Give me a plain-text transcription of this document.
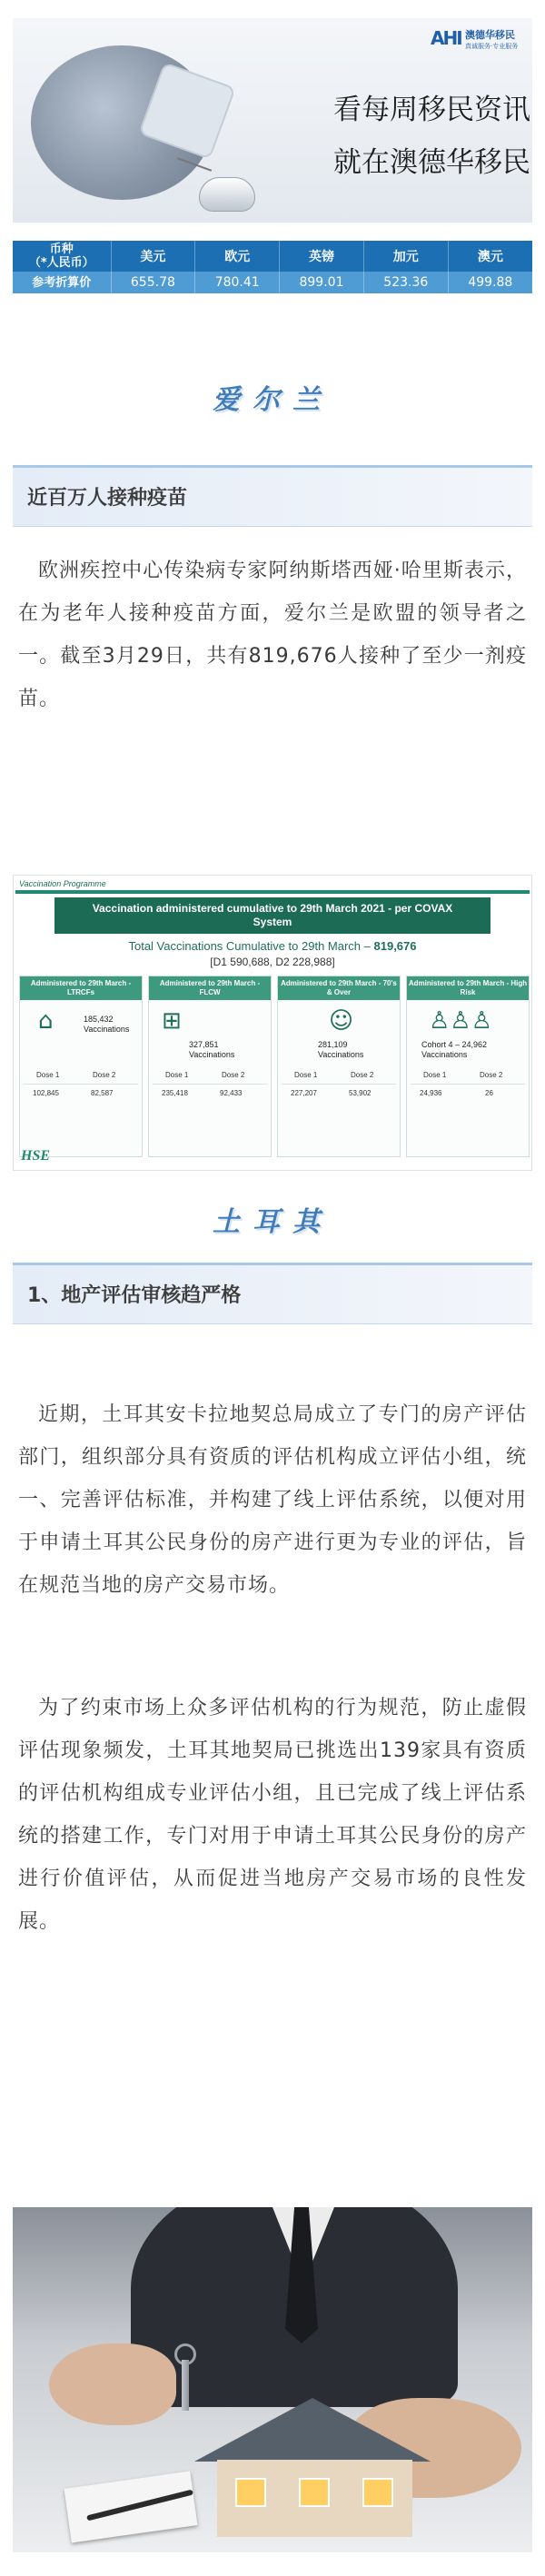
AHI 澳德华移民
真诚服务·专业服务
看每周移民资讯
就在澳德华移民
币种
（*人民币）	美元	欧元	英镑	加元	澳元
参考折算价	655.78	780.41	899.01	523.36	499.88
爱尔兰
近百万人接种疫苗
欧洲疾控中心传染病专家阿纳斯塔西娅·哈里斯表示，在为老年人接种疫苗方面，爱尔兰是欧盟的领导者之一。截至3月29日，共有819,676人接种了至少一剂疫苗。
Vaccination Programme
Vaccination administered cumulative to 29th March 2021 - per COVAX
System
Total Vaccinations Cumulative to 29th March – 819,676
[D1 590,688, D2 228,988]
Administered to 29th March - LTRCFs
⌂	185,432
Vaccinations
Dose 1	Dose 2
102,845	82,587
Administered to 29th March - FLCW
⊞
327,851
Vaccinations
Dose 1	Dose 2
235,418	92,433
Administered to 29th March - 70's & Over
☺
281,109
Vaccinations
Dose 1	Dose 2
227,207	53,902
Administered to 29th March - High Risk
♙♙♙
Cohort 4 – 24,962
Vaccinations
Dose 1	Dose 2
24,936	26
HSE
土耳其
1、地产评估审核趋严格
近期，土耳其安卡拉地契总局成立了专门的房产评估部门，组织部分具有资质的评估机构成立评估小组，统一、完善评估标准，并构建了线上评估系统，以便对用于申请土耳其公民身份的房产进行更为专业的评估，旨在规范当地的房产交易市场。
为了约束市场上众多评估机构的行为规范，防止虚假评估现象频发，土耳其地契局已挑选出139家具有资质的评估机构组成专业评估小组，且已完成了线上评估系统的搭建工作，专门对用于申请土耳其公民身份的房产进行价值评估，从而促进当地房产交易市场的良性发展。
